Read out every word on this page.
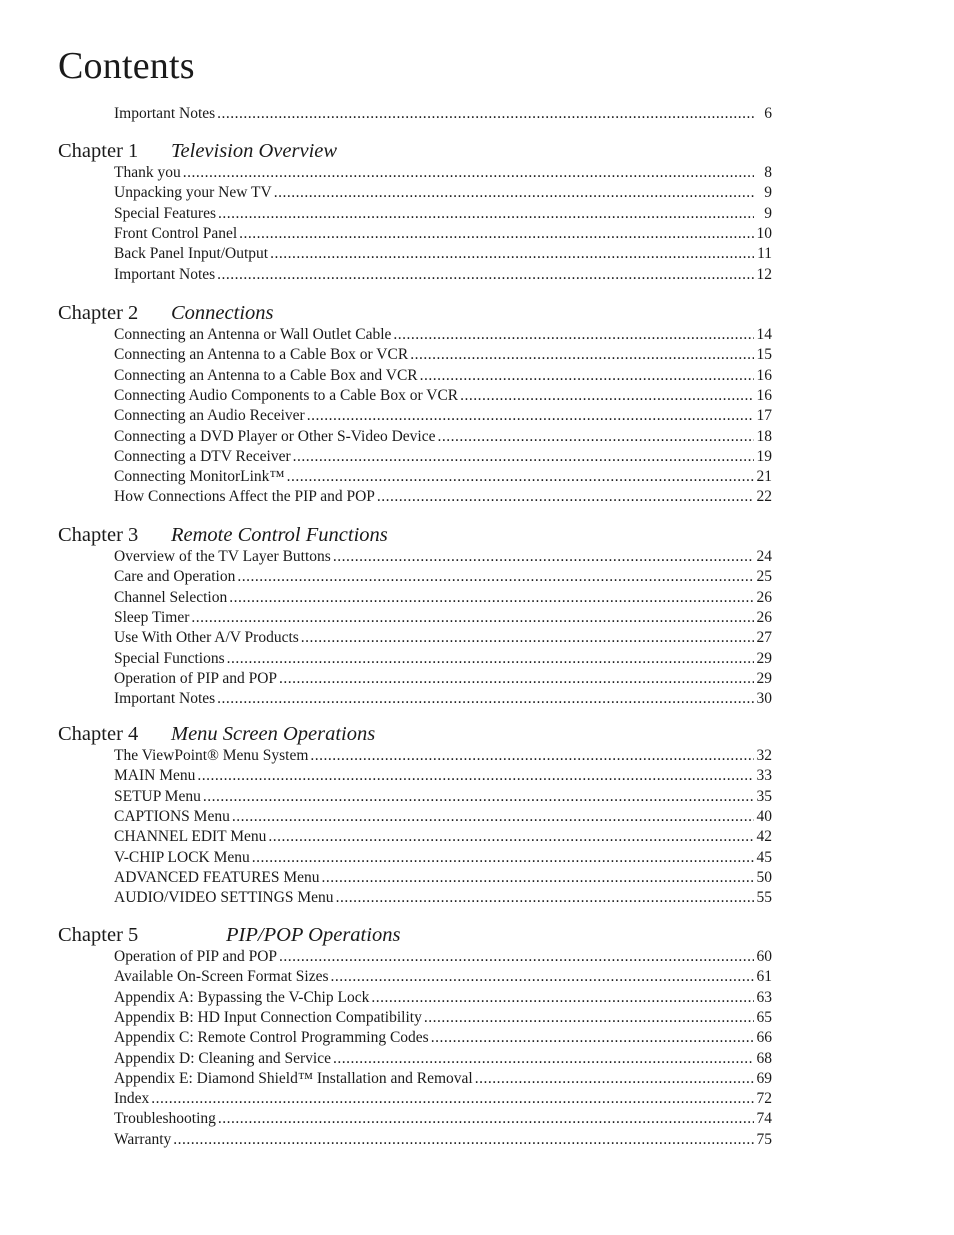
Contents
Important Notes .....	6
Chapter 1 Television Overview
Thank you .....	8
Unpacking your New TV .....	9
Special Features .....	9
Front Control Panel .....	10
Back Panel Input/Output .....	11
Important Notes .....	12
Chapter 2 Connections
Connecting an Antenna or Wall Outlet Cable .....	14
Connecting an Antenna to a Cable Box or VCR .....	15
Connecting an Antenna to a Cable Box and VCR .....	16
Connecting Audio Components to a Cable Box or VCR .....	16
Connecting an Audio Receiver .....	17
Connecting a DVD Player or Other S-Video Device .....	18
Connecting a DTV Receiver .....	19
Connecting MonitorLink™ .....	21
How Connections Affect the PIP and POP .....	22
Chapter 3 Remote Control Functions
Overview of the TV Layer Buttons .....	24
Care and Operation .....	25
Channel Selection .....	26
Sleep Timer .....	26
Use With Other A/V Products .....	27
Special Functions .....	29
Operation of PIP and POP .....	29
Important Notes .....	30
Chapter 4 Menu Screen Operations
The ViewPoint® Menu System .....	32
MAIN Menu .....	33
SETUP Menu .....	35
CAPTIONS Menu .....	40
CHANNEL EDIT Menu .....	42
V-CHIP LOCK Menu .....	45
ADVANCED FEATURES Menu .....	50
AUDIO/VIDEO SETTINGS Menu .....	55
Chapter 5	PIP/POP Operations
Operation of PIP and POP .....	60
Available On-Screen Format Sizes .....	61
Appendix A: Bypassing the V-Chip Lock .....	63
Appendix B: HD Input Connection Compatibility .....	65
Appendix C: Remote Control Programming Codes .....	66
Appendix D: Cleaning and Service .....	68
Appendix E: Diamond Shield™ Installation and Removal .....	69
Index .....	72
Troubleshooting .....	74
Warranty .....	75
